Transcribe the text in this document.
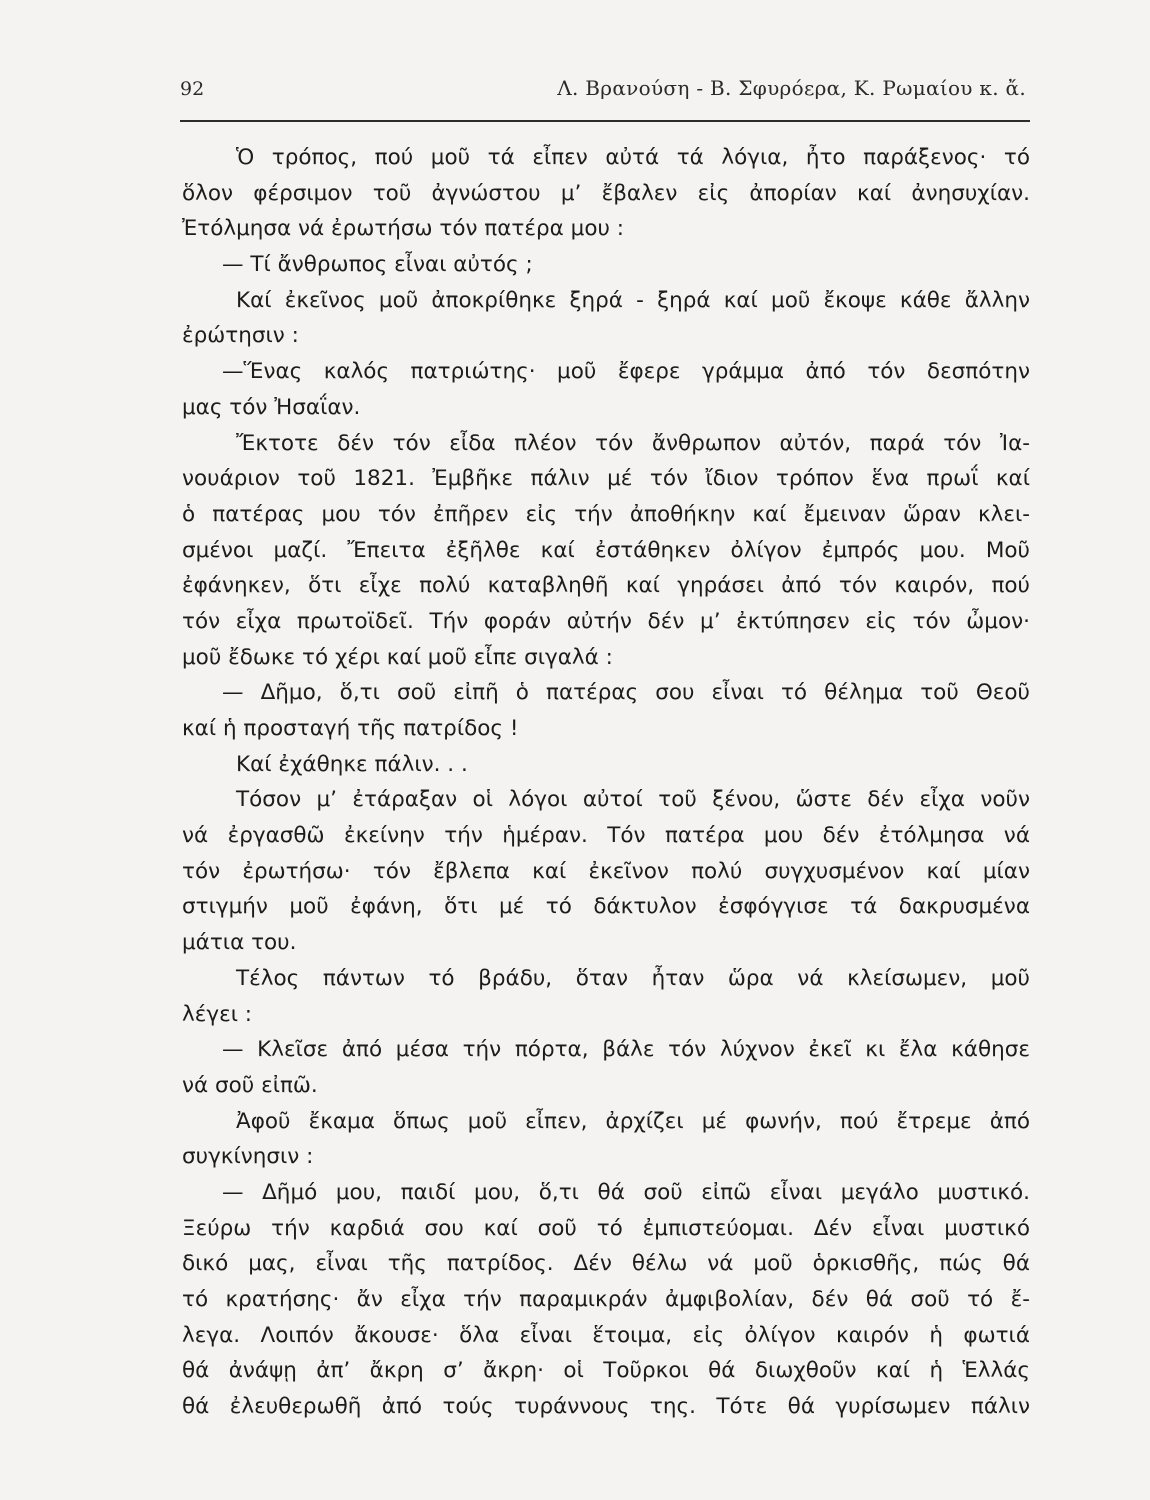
92	Λ. Βρανούση - Β. Σφυρόερα, Κ. Ρωμαίου κ. ἄ.
Ὁ τρόπος, πού μοῦ τά εἶπεν αὐτά τά λόγια, ἦτο παράξενος· τό
ὅλον φέρσιμον τοῦ ἀγνώστου μ’ ἔβαλεν εἰς ἀπορίαν καί ἀνησυχίαν.
Ἐτόλμησα νά ἐρωτήσω τόν πατέρα μου :
— Τί ἄνθρωπος εἶναι αὐτός ;
Καί ἐκεῖνος μοῦ ἀποκρίθηκε ξηρά - ξηρά καί μοῦ ἔκοψε κάθε ἄλλην
ἐρώτησιν :
—Ἕνας καλός πατριώτης· μοῦ ἔφερε γράμμα ἀπό τόν δεσπότην
μας τόν Ἠσαΐαν.
Ἔκτοτε δέν τόν εἶδα πλέον τόν ἄνθρωπον αὐτόν, παρά τόν Ἰα-
νουάριον τοῦ 1821. Ἐμβῆκε πάλιν μέ τόν ἴδιον τρόπον ἕνα πρωΐ καί
ὁ πατέρας μου τόν ἐπῆρεν εἰς τήν ἀποθήκην καί ἔμειναν ὥραν κλει-
σμένοι μαζί. Ἔπειτα ἐξῆλθε καί ἐστάθηκεν ὀλίγον ἐμπρός μου. Μοῦ
ἐφάνηκεν, ὅτι εἶχε πολύ καταβληθῆ καί γηράσει ἀπό τόν καιρόν, πού
τόν εἶχα πρωτοϊδεῖ. Τήν φοράν αὐτήν δέν μ’ ἐκτύπησεν εἰς τόν ὦμον·
μοῦ ἔδωκε τό χέρι καί μοῦ εἶπε σιγαλά :
— Δῆμο, ὅ,τι σοῦ εἰπῆ ὁ πατέρας σου εἶναι τό θέλημα τοῦ Θεοῦ
καί ἡ προσταγή τῆς πατρίδος !
Καί ἐχάθηκε πάλιν. . .
Τόσον μ’ ἐτάραξαν οἱ λόγοι αὐτοί τοῦ ξένου, ὥστε δέν εἶχα νοῦν
νά ἐργασθῶ ἐκείνην τήν ἡμέραν. Τόν πατέρα μου δέν ἐτόλμησα νά
τόν ἐρωτήσω· τόν ἔβλεπα καί ἐκεῖνον πολύ συγχυσμένον καί μίαν
στιγμήν μοῦ ἐφάνη, ὅτι μέ τό δάκτυλον ἐσφόγγισε τά δακρυσμένα
μάτια του.
Τέλος πάντων τό βράδυ, ὅταν ἦταν ὥρα νά κλείσωμεν, μοῦ
λέγει :
— Κλεῖσε ἀπό μέσα τήν πόρτα, βάλε τόν λύχνον ἐκεῖ κι ἔλα κάθησε
νά σοῦ εἰπῶ.
Ἀφοῦ ἔκαμα ὅπως μοῦ εἶπεν, ἀρχίζει μέ φωνήν, πού ἔτρεμε ἀπό
συγκίνησιν :
— Δῆμό μου, παιδί μου, ὅ,τι θά σοῦ εἰπῶ εἶναι μεγάλο μυστικό.
Ξεύρω τήν καρδιά σου καί σοῦ τό ἐμπιστεύομαι. Δέν εἶναι μυστικό
δικό μας, εἶναι τῆς πατρίδος. Δέν θέλω νά μοῦ ὁρκισθῆς, πώς θά
τό κρατήσης· ἄν εἶχα τήν παραμικράν ἀμφιβολίαν, δέν θά σοῦ τό ἔ-
λεγα. Λοιπόν ἄκουσε· ὅλα εἶναι ἕτοιμα, εἰς ὀλίγον καιρόν ἡ φωτιά
θά ἀνάψῃ ἀπ’ ἄκρη σ’ ἄκρη· οἱ Τοῦρκοι θά διωχθοῦν καί ἡ Ἑλλάς
θά ἐλευθερωθῆ ἀπό τούς τυράννους της. Τότε θά γυρίσωμεν πάλιν
